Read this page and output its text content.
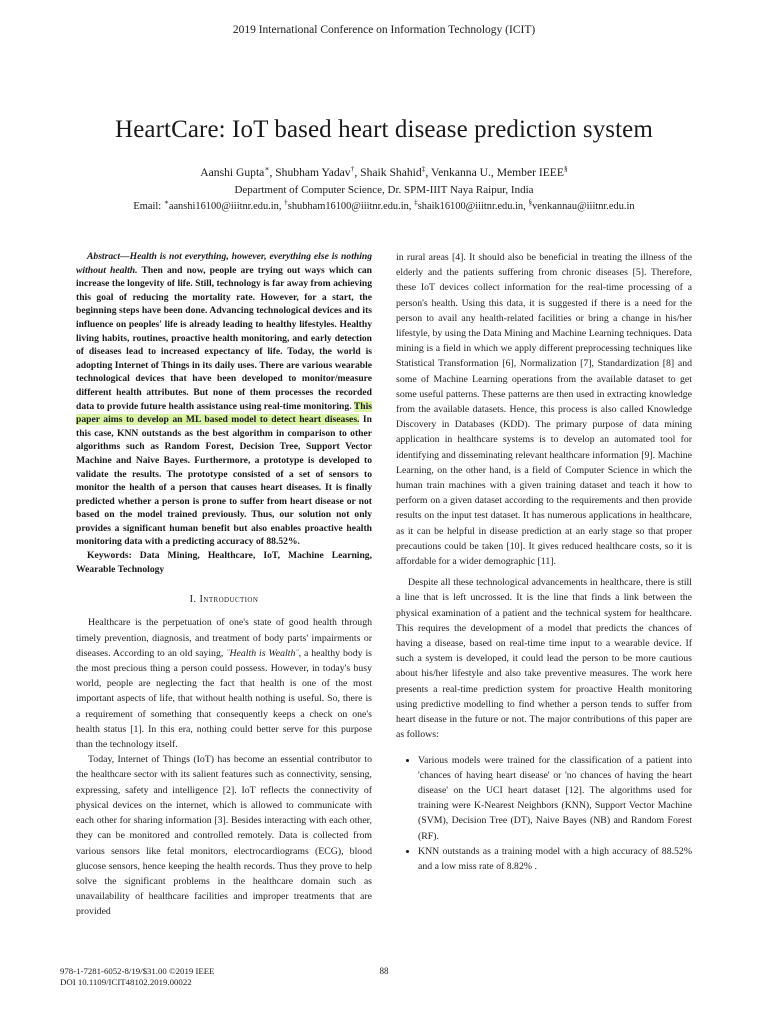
2019 International Conference on Information Technology (ICIT)
HeartCare: IoT based heart disease prediction system
Aanshi Gupta∗, Shubham Yadav†, Shaik Shahid‡, Venkanna U., Member IEEE§
Department of Computer Science, Dr. SPM-IIIT Naya Raipur, India
Email: ∗aanshi16100@iiitnr.edu.in, †shubham16100@iiitnr.edu.in, ‡shaik16100@iiitnr.edu.in, §venkannau@iiitnr.edu.in

Abstract—Health is not everything, however, everything else is nothing without health. Then and now, people are trying out ways which can increase the longevity of life. Still, technology is far away from achieving this goal of reducing the mortality rate. However, for a start, the beginning steps have been done. Advancing technological devices and its influence on peoples' life is already leading to healthy lifestyles. Healthy living habits, routines, proactive health monitoring, and early detection of diseases lead to increased expectancy of life. Today, the world is adopting Internet of Things in its daily uses. There are various wearable technological devices that have been developed to monitor/measure different health attributes. But none of them processes the recorded data to provide future health assistance using real-time monitoring. This paper aims to develop an ML based model to detect heart diseases. In this case, KNN outstands as the best algorithm in comparison to other algorithms such as Random Forest, Decision Tree, Support Vector Machine and Naive Bayes. Furthermore, a prototype is developed to validate the results. The prototype consisted of a set of sensors to monitor the health of a person that causes heart diseases. It is finally predicted whether a person is prone to suffer from heart disease or not based on the model trained previously. Thus, our solution not only provides a significant human benefit but also enables proactive health monitoring data with a predicting accuracy of 88.52%.

Keywords: Data Mining, Healthcare, IoT, Machine Learning, Wearable Technology

I. Introduction

Healthcare is the perpetuation of one's state of good health through timely prevention, diagnosis, and treatment of body parts' impairments or diseases. According to an old saying, ¨Health is Wealth¨, a healthy body is the most precious thing a person could possess. However, in today's busy world, people are neglecting the fact that health is one of the most important aspects of life, that without health nothing is useful. So, there is a requirement of something that consequently keeps a check on one's health status [1]. In this era, nothing could better serve for this purpose than the technology itself.

Today, Internet of Things (IoT) has become an essential contributor to the healthcare sector with its salient features such as connectivity, sensing, expressing, safety and intelligence [2]. IoT reflects the connectivity of physical devices on the internet, which is allowed to communicate with each other for sharing information [3]. Besides interacting with each other, they can be monitored and controlled remotely. Data is collected from various sensors like fetal monitors, electrocardiograms (ECG), blood glucose sensors, hence keeping the health records. Thus they prove to help solve the significant problems in the healthcare domain such as unavailability of healthcare facilities and improper treatments that are provided

in rural areas [4]. It should also be beneficial in treating the illness of the elderly and the patients suffering from chronic diseases [5]. Therefore, these IoT devices collect information for the real-time processing of a person's health. Using this data, it is suggested if there is a need for the person to avail any health-related facilities or bring a change in his/her lifestyle, by using the Data Mining and Machine Learning techniques. Data mining is a field in which we apply different preprocessing techniques like Statistical Transformation [6], Normalization [7], Standardization [8] and some of Machine Learning operations from the available dataset to get some useful patterns. These patterns are then used in extracting knowledge from the available datasets. Hence, this process is also called Knowledge Discovery in Databases (KDD). The primary purpose of data mining application in healthcare systems is to develop an automated tool for identifying and disseminating relevant healthcare information [9]. Machine Learning, on the other hand, is a field of Computer Science in which the human train machines with a given training dataset and teach it how to perform on a given dataset according to the requirements and then provide results on the input test dataset. It has numerous applications in healthcare, as it can be helpful in disease prediction at an early stage so that proper precautions could be taken [10]. It gives reduced healthcare costs, so it is affordable for a wider demographic [11].

Despite all these technological advancements in healthcare, there is still a line that is left uncrossed. It is the line that finds a link between the physical examination of a patient and the technical system for healthcare. This requires the development of a model that predicts the chances of having a disease, based on real-time time input to a wearable device. If such a system is developed, it could lead the person to be more cautious about his/her lifestyle and also take preventive measures. The work here presents a real-time prediction system for proactive Health monitoring using predictive modelling to find whether a person tends to suffer from heart disease in the future or not. The major contributions of this paper are as follows:

• Various models were trained for the classification of a patient into 'chances of having heart disease' or 'no chances of having the heart disease' on the UCI heart dataset [12]. The algorithms used for training were K-Nearest Neighbors (KNN), Support Vector Machine (SVM), Decision Tree (DT), Naive Bayes (NB) and Random Forest (RF).
• KNN outstands as a training model with a high accuracy of 88.52% and a low miss rate of 8.82% .
978-1-7281-6052-8/19/$31.00 ©2019 IEEE
DOI 10.1109/ICIT48102.2019.00022
88
